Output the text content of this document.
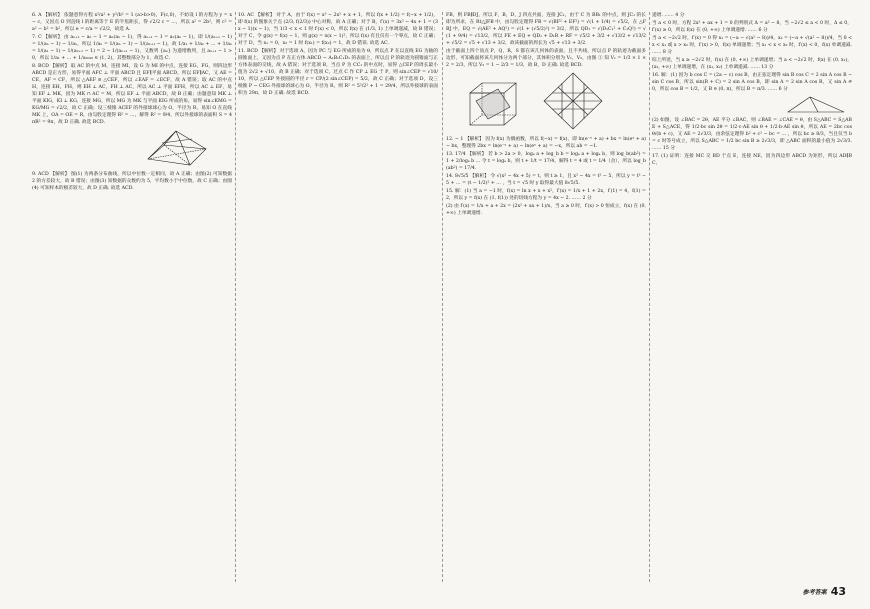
6. A 【解析】 依题意得方程 x²/a² + y²/b² = 1 (a>b>0)，F(c,0)，不妨设 l 的方程为 y = x − c，又因点 O 到直线 l 的距离等于 E 的半焦距长，得 √2/2 c = ...，所以 a² = 2b²，则 c² = a² − b² = b²，所以 e = c/a = √2/2，故选 A.

7. C 【解析】 由 aₙ₊₁ − aₙ − 1 = aₙ(aₙ − 1)，得 aₙ₊₁ − 1 = aₙ(aₙ − 1)，即 1/(aₙ₊₁ − 1) = 1/(aₙ − 1) − 1/aₙ，所以 1/aₙ = 1/(aₙ − 1) − 1/(aₙ₊₁ − 1)，故 1/a₁ + 1/a₂ + … + 1/aₙ = 1/(a₁ − 1) − 1/(aₙ₊₁ − 1) = 2 − 1/(aₙ₊₁ − 1)，又数列 {aₙ} 为递增数列，且 aₙ₊₁ − 1 > 0，所以 1/a₁ + … + 1/a₂₀₂₀ ∈ (1, 2)，其整数部分为 1，故选 C.

8. BCD 【解析】 取 AC 的中点 M，连接 MI，设 G 为 MI 的中点，连接 EG，FG，则四边形 ABCD 是正方形，易得平面 AFC ⊥ 平面 ABCD 且 EF∥平面 ABCD，所以 EF∥AC，又 AE = CE，AF = CF，所以 △AEF ≌ △CEF，所以 ∠EAF = ∠ECF，故 A 错误；取 AC 的中点 H，连接 EH，FH，则 EH ⊥ AC，FH ⊥ AC，所以 AC ⊥ 平面 EFH，所以 AC ⊥ EF，易知 EF ⊥ MK，因为 MK ∩ AC = M，所以 EF ⊥ 平面 ABCD，故 B 正确；由题意知 MK ⊥ 平面 KIG，KI ⊥ KG，连接 MG，所以 MG 为 MK 与平面 KIG 所成的角，易得 sin∠KMG = KG/MG = √2/2，故 C 正确；设三棱锥 ACEF 的外接球球心为 O，半径为 R，易知 O 在直线 MK 上，OA = OE = R，由勾股定理得 R² = …，解得 R² = 9/4，所以外接球的表面积 S = 4πR² = 9π，故 D 正确. 故选 BCD.

9. ACD 【解析】 图(1) 为两条分布曲线，所以中位数一定相同，故 A 正确；由图(2) 可知数据 2 的方差较大，故 B 错误；由图(3) 知数据的众数约为 5，平均数小于中位数，故 C 正确；由图(4) 可知样本的极差较大，故 D 正确. 故选 ACD.

10. AC 【解析】 对于 A，由于 f(x) = x³ − 2x² + x + 1，所以 f(x + 1/2) = f(−x + 1/2)，即 f(x) 的图象关于点 (2/3, f(2/3)) 中心对称，故 A 正确；对于 B，f′(x) = 3x² − 4x + 1 = (3x − 1)(x − 1)，当 1/3 < x < 1 时 f′(x) < 0，所以 f(x) 在 (1/3, 1) 上单调递减，故 B 错误；对于 C，令 g(x) = f(x) − 1，则 g(x) = x(x − 1)²，所以 f(x) 有且仅有一个零点，故 C 正确；对于 D，当 x₁ = 0，x₂ = 1 时 f(x₁) = f(x₂) = 1，故 D 错误. 故选 AC.

11. BCD 【解析】 对于选项 A，因为 PC 与 EG 所成的角为 θ，所以点 P 在以直线 EG 为轴的圆锥面上，又因为点 P 在正方体 ABCD − A₁B₁C₁D₁ 的表面上，所以点 P 的轨迹为圆锥面与正方体表面的交线，故 A 错误；对于选项 B，当点 P 为 CC₁ 的中点时，易得 △CEP 的周长最小值为 2√2 + √10，故 B 正确；对于选项 C，过点 C 作 CP ⊥ EG 于 P，则 sin∠CEP = √10/10，所以 △CEP 外接圆的半径 r = CP/(2 sin∠CEP) = 5/2，故 C 正确；对于选项 D，设三棱锥 P − CEG 外接球的球心为 O，半径为 R，则 R² = 5²/2² + 1 = 29/4，所以外接球的表面积为 29π，故 D 正确. 故选 BCD.

FB，则 FB∥DJ，所以 F，B，D，J 四点共面，连接 JC₁，由于 C 为 BB₁ 的中点，则 JC₁ 的长即为所求，在 Rt△JFB 中，由勾股定理得 FB = √(BF² + EF²) = √(1 + 1/4) = √5/2，在 △FBJ 中，EQ = √(AE² + AQ²) = √(1 + (√5/2)²) = 3/2，所以 QD₁ = √(D₁C₁² + C₁Q²) = √(1 + 9/4) = √13/2，所以 FE + EQ + QD₁ + D₁R + RF = √5/2 + 3/2 + √13/2 + √13/2 + √5/2 = √5 + √13 + 3/2，故该截面的周长为 √5 + √13 + 3/2.

由于截面上四个顶点 P，Q，R，S 都在该几何体的表面，且不共线，所以点 P 的轨迹为截面多边形，可知截面将该几何体分为两个部分，其体积分别为 V₁，V₂，由图 ① 知 V₁ = 1/3 × 1 × 2 = 2/3，所以 V₂ = 1 − 2/3 = 1/3，故 B，D 正确. 故选 BCD.

12. − 1 【解析】 因为 f(x) 为偶函数，所以 f(−x) = f(x)，即 ln(e⁻ˣ + a) + bx = ln(eˣ + a) − bx，整理得 2bx = ln(e⁻ˣ + a) − ln(eˣ + a) = −x，所以 ab = −1.

13. 17/4 【解析】 若 b > 2a > 0，logₐ a + log_b b = logₐ a + logₐ b，则 log_b(ab²) = 1 + 2/logₐ b … 令 t = logₐ b，则 t + 1/t = 17/4，解得 t = 4 或 t = 1/4（舍），所以 log_b(ab²) = 17/4.

14. 8√5/5 【解析】 令 √(x² − 4x + 5) = t，则 t ≥ 1，且 x² − 4x = t² − 5，所以 y = t² − 5 + … = (t − 1/2)² + … ，当 t = √5 时 y 取得最大值 8√5/5.

15. 解：(1) 当 a = −1 时，f(x) = ln x + x + x²，f′(x) = 1/x + 1 + 2x，f′(1) = 4，f(1) = 2，所以 y = f(x) 在 (1, f(1)) 处的切线方程为 y = 4x − 2. …… 2 分

(2) 由 f′(x) = 1/x + a + 2x = (2x² + ax + 1)/x，当 a ≥ 0 时，f′(x) > 0 恒成立，f(x) 在 (0, +∞) 上单调递增.

递增. …… 4 分

当 a < 0 时，方程 2x² + ax + 1 = 0 的判别式 Δ = a² − 8，当 −2√2 ≤ a < 0 时，Δ ≤ 0，f′(x) ≥ 0，所以 f(x) 在 (0, +∞) 上单调递增. …… 6 分

当 a < −2√2 时，f′(x) = 0 得 x₁ = (−a − √(a² − 8))/4，x₂ = (−a + √(a² − 8))/4，当 0 < x < x₁ 或 x > x₂ 时，f′(x) > 0，f(x) 单调递增；当 x₁ < x < x₂ 时，f′(x) < 0，f(x) 单调递减. …… 8 分

综上所述，当 a ≥ −2√2 时，f(x) 在 (0, +∞) 上单调递增；当 a < −2√2 时，f(x) 在 (0, x₁)，(x₂, +∞) 上单调递增，在 (x₁, x₂) 上单调递减. …… 13 分

16. 解：(1) 因为 b cos C = (2a − c) cos B，由正弦定理得 sin B cos C = 2 sin A cos B − sin C cos B，所以 sin(B + C) = 2 sin A cos B，即 sin A = 2 sin A cos B，又 sin A ≠ 0，所以 cos B = 1/2，又 B ∈ (0, π)，所以 B = π/3. …… 6 分

(2) 如图，设 ∠BAC = 2θ，AE 平分 ∠BAC，则 ∠BAE = ∠CAE = θ，由 S△ABC = S△ABE + S△ACE，得 1/2·bc sin 2θ = 1/2·c·AE sin θ + 1/2·b·AE sin θ，所以 AE = 2bc cos θ/(b + c)，又 AE = 2√3/3，由余弦定理得 b² + c² − bc = … ，所以 bc ≥ 8/3，当且仅当 b = c 时等号成立，所以 S△ABC = 1/2 bc sin B ≥ 2√3/3，即 △ABC 面积的最小值为 2√3/3. …… 15 分

17. (1) 证明：连接 MC 交 BD 于点 E，连接 NE，因为四边形 ABCD 为矩形，所以 AD∥BC，

参考答案 43
